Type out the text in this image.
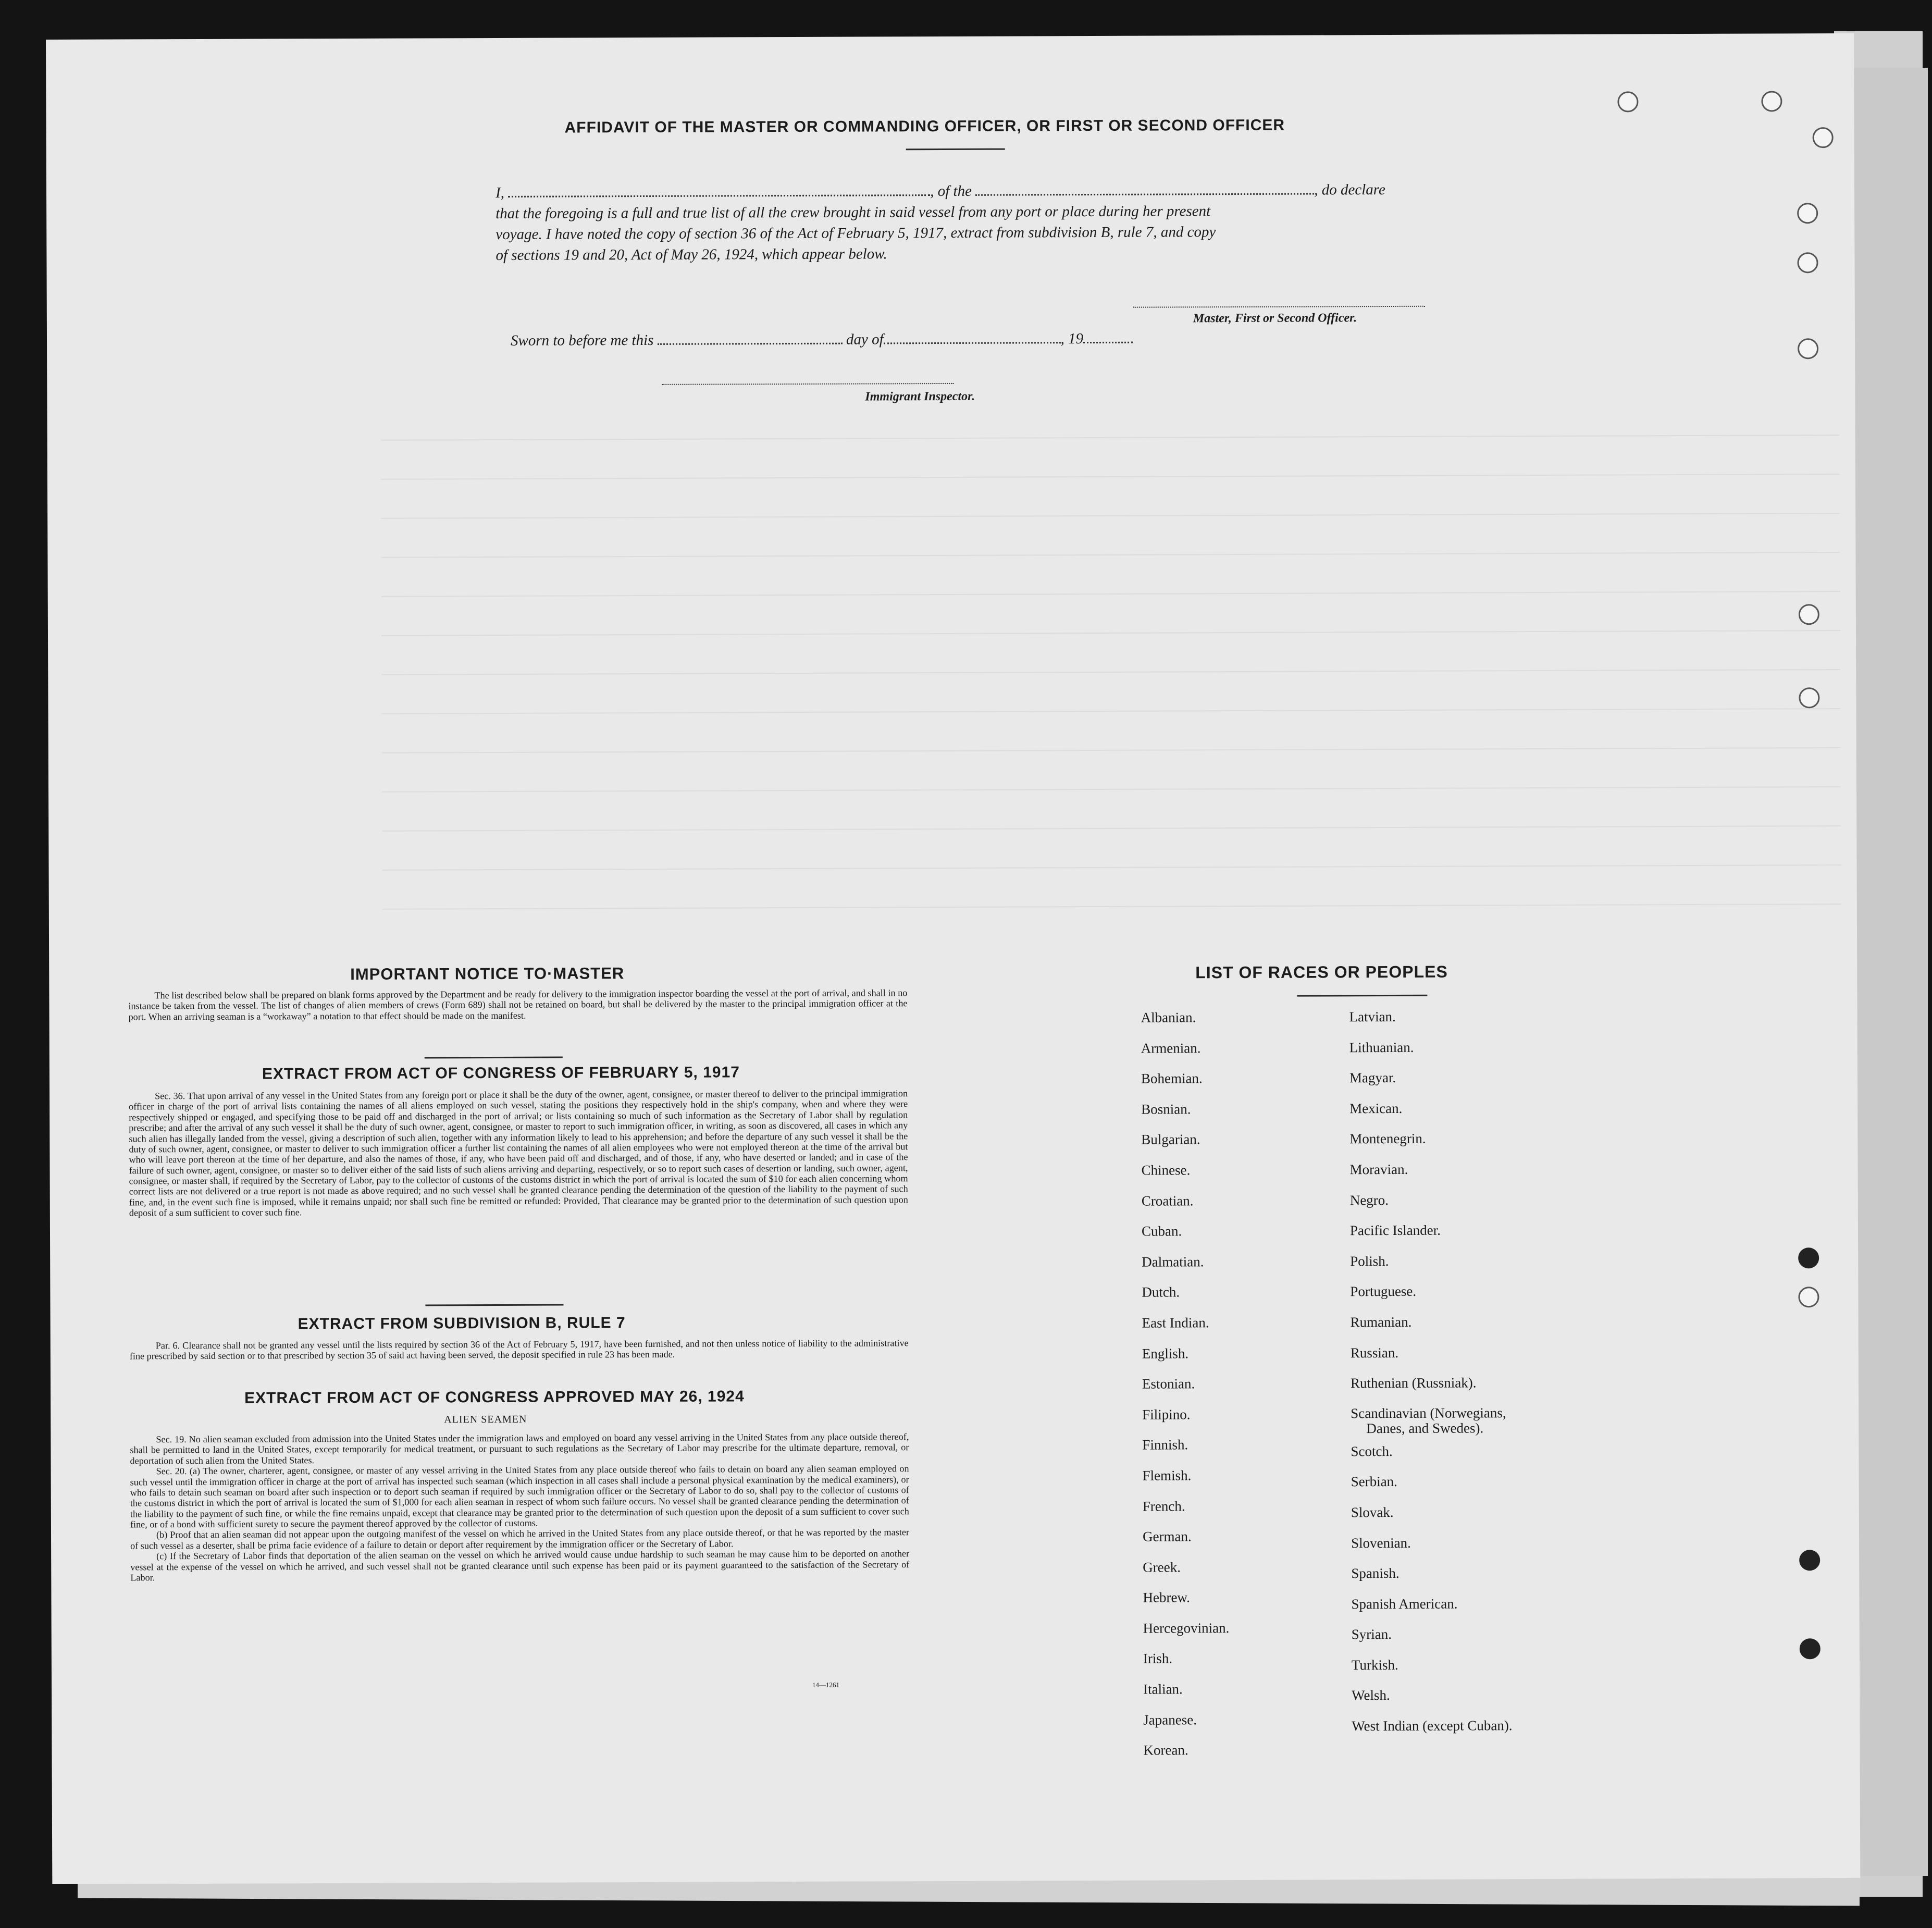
AFFIDAVIT OF THE MASTER OR COMMANDING OFFICER, OR FIRST OR SECOND OFFICER
I,	, of the	, do declare
that the foregoing is a full and true list of all the crew brought in said vessel from any port or place during her present
voyage. I have noted the copy of section 36 of the Act of February 5, 1917, extract from subdivision B, rule 7, and copy
of sections 19 and 20, Act of May 26, 1924, which appear below.
Master, First or Second Officer.
Sworn to before me this	day of	, 19
Immigrant Inspector.
IMPORTANT NOTICE TO·MASTER

The list described below shall be prepared on blank forms approved by the Department and be ready for delivery to the immigration inspector boarding the vessel at the port of arrival, and shall in no instance be taken from the vessel. The list of changes of alien members of crews (Form 689) shall not be retained on board, but shall be delivered by the master to the principal immigration officer at the port. When an arriving seaman is a “workaway” a notation to that effect should be made on the manifest.

EXTRACT FROM ACT OF CONGRESS OF FEBRUARY 5, 1917

Sec. 36. That upon arrival of any vessel in the United States from any foreign port or place it shall be the duty of the owner, agent, consignee, or master thereof to deliver to the principal immigration officer in charge of the port of arrival lists containing the names of all aliens employed on such vessel, stating the positions they respectively hold in the ship's company, when and where they were respectively shipped or engaged, and specifying those to be paid off and discharged in the port of arrival; or lists containing so much of such information as the Secretary of Labor shall by regulation prescribe; and after the arrival of any such vessel it shall be the duty of such owner, agent, consignee, or master to report to such immigration officer, in writing, as soon as discovered, all cases in which any such alien has illegally landed from the vessel, giving a description of such alien, together with any information likely to lead to his apprehension; and before the departure of any such vessel it shall be the duty of such owner, agent, consignee, or master to deliver to such immigration officer a further list containing the names of all alien employees who were not employed thereon at the time of the arrival but who will leave port thereon at the time of her departure, and also the names of those, if any, who have been paid off and discharged, and of those, if any, who have deserted or landed; and in case of the failure of such owner, agent, consignee, or master so to deliver either of the said lists of such aliens arriving and departing, respectively, or so to report such cases of desertion or landing, such owner, agent, consignee, or master shall, if required by the Secretary of Labor, pay to the collector of customs of the customs district in which the port of arrival is located the sum of $10 for each alien concerning whom correct lists are not delivered or a true report is not made as above required; and no such vessel shall be granted clearance pending the determination of the question of the liability to the payment of such fine, and, in the event such fine is imposed, while it remains unpaid; nor shall such fine be remitted or refunded: Provided, That clearance may be granted prior to the determination of such question upon deposit of a sum sufficient to cover such fine.

EXTRACT FROM SUBDIVISION B, RULE 7

Par. 6. Clearance shall not be granted any vessel until the lists required by section 36 of the Act of February 5, 1917, have been furnished, and not then unless notice of liability to the administrative fine prescribed by said section or to that prescribed by section 35 of said act having been served, the deposit specified in rule 23 has been made.

EXTRACT FROM ACT OF CONGRESS APPROVED MAY 26, 1924
ALIEN SEAMEN

Sec. 19. No alien seaman excluded from admission into the United States under the immigration laws and employed on board any vessel arriving in the United States from any place outside thereof, shall be permitted to land in the United States, except temporarily for medical treatment, or pursuant to such regulations as the Secretary of Labor may prescribe for the ultimate departure, removal, or deportation of such alien from the United States.

Sec. 20. (a) The owner, charterer, agent, consignee, or master of any vessel arriving in the United States from any place outside thereof who fails to detain on board any alien seaman employed on such vessel until the immigration officer in charge at the port of arrival has inspected such seaman (which inspection in all cases shall include a personal physical examination by the medical examiners), or who fails to detain such seaman on board after such inspection or to deport such seaman if required by such immigration officer or the Secretary of Labor to do so, shall pay to the collector of customs of the customs district in which the port of arrival is located the sum of $1,000 for each alien seaman in respect of whom such failure occurs. No vessel shall be granted clearance pending the determination of the liability to the payment of such fine, or while the fine remains unpaid, except that clearance may be granted prior to the determination of such question upon the deposit of a sum sufficient to cover such fine, or of a bond with sufficient surety to secure the payment thereof approved by the collector of customs.

(b) Proof that an alien seaman did not appear upon the outgoing manifest of the vessel on which he arrived in the United States from any place outside thereof, or that he was reported by the master of such vessel as a deserter, shall be prima facie evidence of a failure to detain or deport after requirement by the immigration officer or the Secretary of Labor.

(c) If the Secretary of Labor finds that deportation of the alien seaman on the vessel on which he arrived would cause undue hardship to such seaman he may cause him to be deported on another vessel at the expense of the vessel on which he arrived, and such vessel shall not be granted clearance until such expense has been paid or its payment guaranteed to the satisfaction of the Secretary of Labor.

14—1261
LIST OF RACES OR PEOPLES
Albanian.
Armenian.
Bohemian.
Bosnian.
Bulgarian.
Chinese.
Croatian.
Cuban.
Dalmatian.
Dutch.
East Indian.
English.
Estonian.
Filipino.
Finnish.
Flemish.
French.
German.
Greek.
Hebrew.
Hercegovinian.
Irish.
Italian.
Japanese.
Korean.
Latvian.
Lithuanian.
Magyar.
Mexican.
Montenegrin.
Moravian.
Negro.
Pacific Islander.
Polish.
Portuguese.
Rumanian.
Russian.
Ruthenian (Russniak).
Scandinavian (Norwegians,
Danes, and Swedes).
Scotch.
Serbian.
Slovak.
Slovenian.
Spanish.
Spanish American.
Syrian.
Turkish.
Welsh.
West Indian (except Cuban).
